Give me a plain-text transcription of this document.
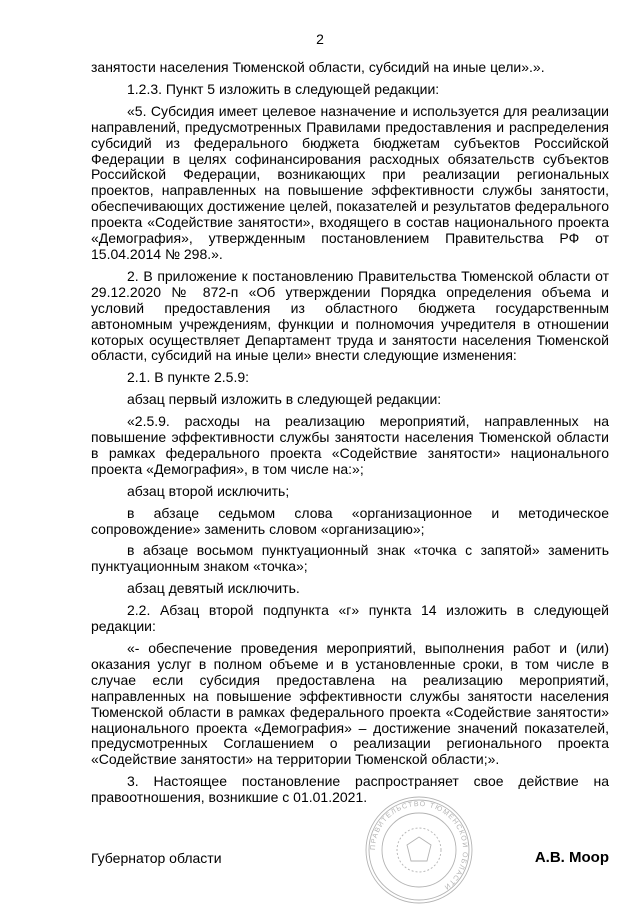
2

занятости населения Тюменской области, субсидий на иные цели».».

1.2.3. Пункт 5 изложить в следующей редакции:

«5. Субсидия имеет целевое назначение и используется для реализации направлений, предусмотренных Правилами предоставления и распределения субсидий из федерального бюджета бюджетам субъектов Российской Федерации в целях софинансирования расходных обязательств субъектов Российской Федерации, возникающих при реализации региональных проектов, направленных на повышение эффективности службы занятости, обеспечивающих достижение целей, показателей и результатов федерального проекта «Содействие занятости», входящего в состав национального проекта «Демография», утвержденным постановлением Правительства РФ от 15.04.2014 № 298.».

2. В приложение к постановлению Правительства Тюменской области от 29.12.2020 № 872-п «Об утверждении Порядка определения объема и условий предоставления из областного бюджета государственным автономным учреждениям, функции и полномочия учредителя в отношении которых осуществляет Департамент труда и занятости населения Тюменской области, субсидий на иные цели» внести следующие изменения:

2.1. В пункте 2.5.9:

абзац первый изложить в следующей редакции:

«2.5.9. расходы на реализацию мероприятий, направленных на повышение эффективности службы занятости населения Тюменской области в рамках федерального проекта «Содействие занятости» национального проекта «Демография», в том числе на:»;

абзац второй исключить;

в абзаце седьмом слова «организационное и методическое сопровождение» заменить словом «организацию»;

в абзаце восьмом пунктуационный знак «точка с запятой» заменить пунктуационным знаком «точка»;

абзац девятый исключить.

2.2. Абзац второй подпункта «г» пункта 14 изложить в следующей редакции:

«- обеспечение проведения мероприятий, выполнения работ и (или) оказания услуг в полном объеме и в установленные сроки, в том числе в случае если субсидия предоставлена на реализацию мероприятий, направленных на повышение эффективности службы занятости населения Тюменской области в рамках федерального проекта «Содействие занятости» национального проекта «Демография» – достижение значений показателей, предусмотренных Соглашением о реализации регионального проекта «Содействие занятости» на территории Тюменской области;».

3. Настоящее постановление распространяет свое действие на правоотношения, возникшие с 01.01.2021.

Губернатор области	А.В. Моор
ПРАВИТЕЛЬСТВО ТЮМЕНСКОЙ ОБЛАСТИ
